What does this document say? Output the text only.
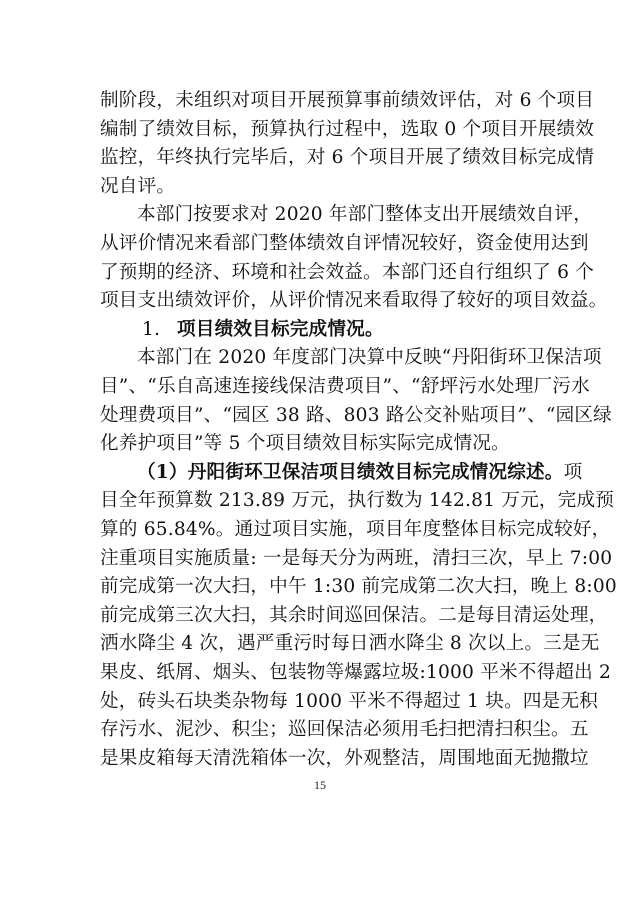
制阶段，未组织对项目开展预算事前绩效评估，对 6 个项目
编制了绩效目标，预算执行过程中，选取 0 个项目开展绩效
监控，年终执行完毕后，对 6 个项目开展了绩效目标完成情
况自评。
本部门按要求对 2020 年部门整体支出开展绩效自评，
从评价情况来看部门整体绩效自评情况较好，资金使用达到
了预期的经济、环境和社会效益。本部门还自行组织了 6 个
项目支出绩效评价，从评价情况来看取得了较好的项目效益。
1. 项目绩效目标完成情况。
本部门在 2020 年度部门决算中反映“丹阳街环卫保洁项
目”、“乐自高速连接线保洁费项目”、“舒坪污水处理厂污水
处理费项目”、“园区 38 路、803 路公交补贴项目”、“园区绿
化养护项目”等 5 个项目绩效目标实际完成情况。
（1）丹阳街环卫保洁项目绩效目标完成情况综述。项
目全年预算数 213.89 万元，执行数为 142.81 万元，完成预
算的 65.84%。通过项目实施，项目年度整体目标完成较好，
注重项目实施质量: 一是每天分为两班，清扫三次，早上 7:00
前完成第一次大扫，中午 1:30 前完成第二次大扫，晚上 8:00
前完成第三次大扫，其余时间巡回保洁。二是每目清运处理，
洒水降尘 4 次，遇严重污时每日洒水降尘 8 次以上。三是无
果皮、纸屑、烟头、包装物等爆露垃圾:1000 平米不得超出 2
处，砖头石块类杂物每 1000 平米不得超过 1 块。四是无积
存污水、泥沙、积尘；巡回保洁必须用毛扫把清扫积尘。五
是果皮箱每天清洗箱体一次，外观整洁，周围地面无抛撒垃
15
